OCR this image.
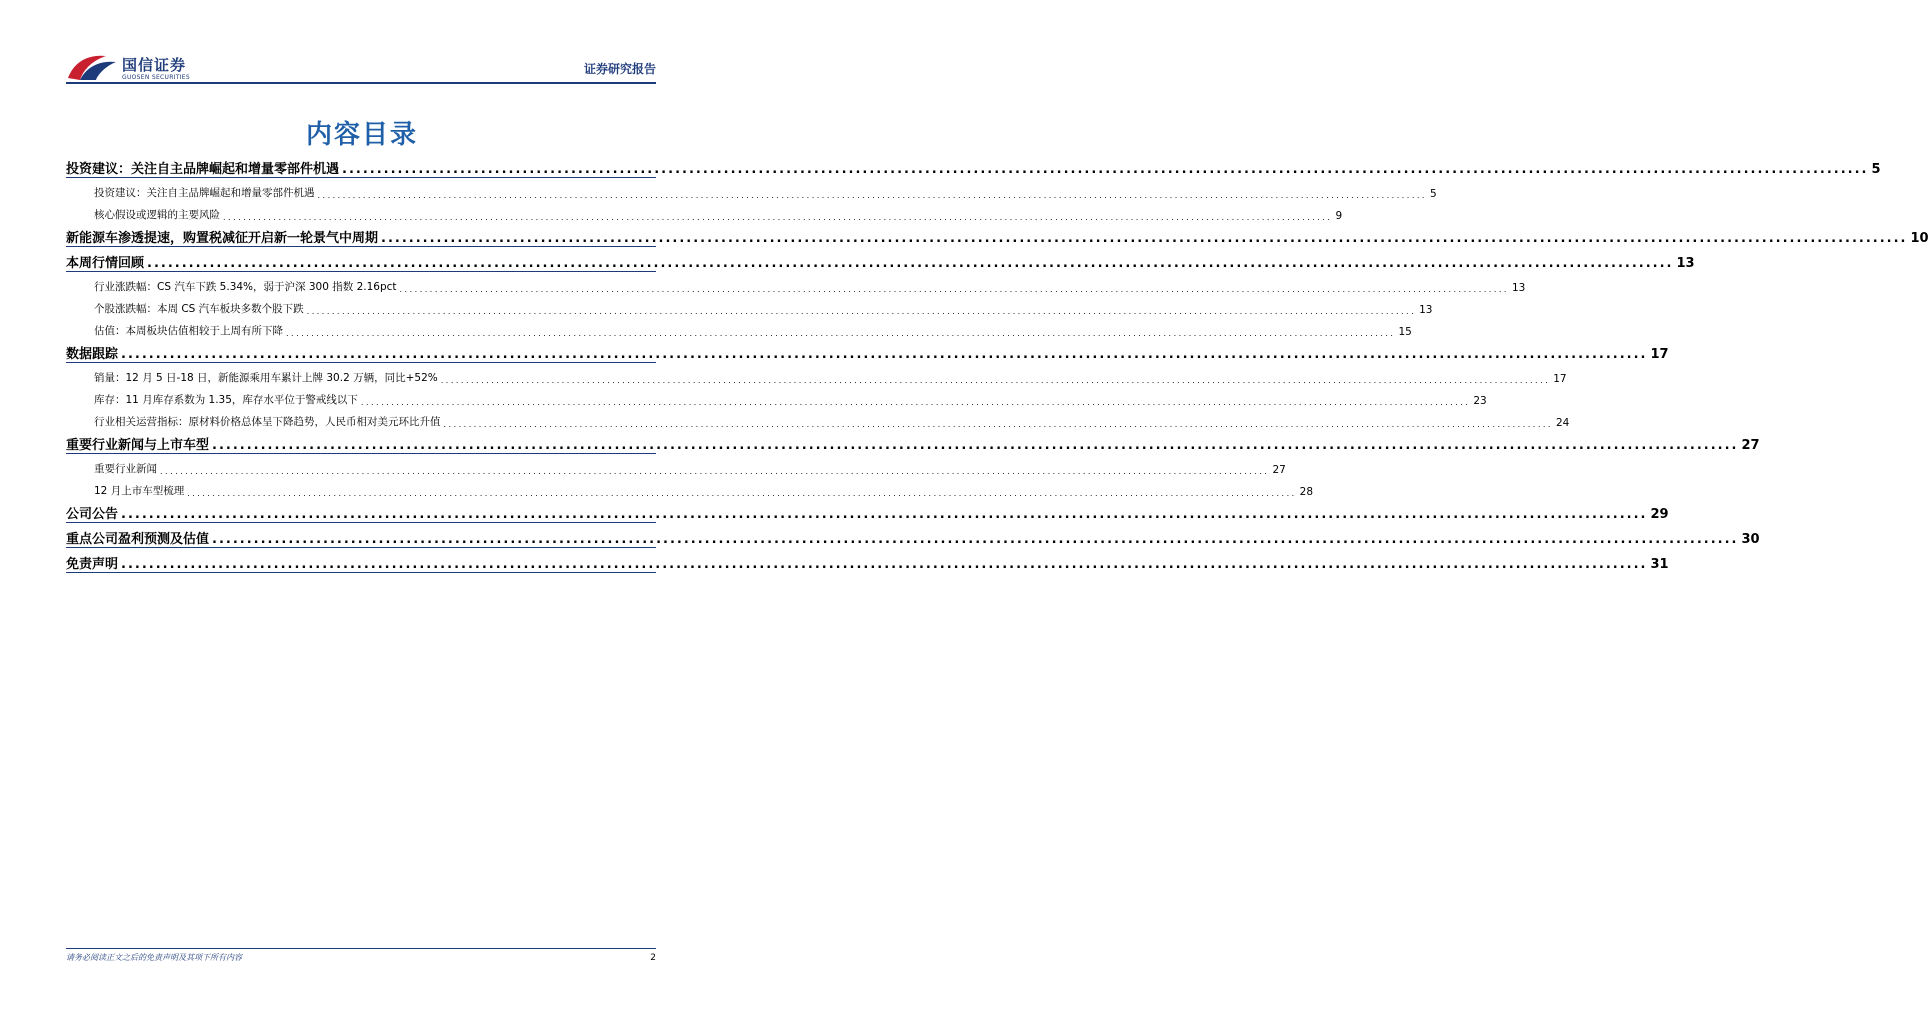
国信证券
GUOSEN SECURITIES
证券研究报告
内容目录
投资建议：关注自主品牌崛起和增量零部件机遇 ............................................................................................................................................................................................................................ 5
投资建议：关注自主品牌崛起和增量零部件机遇 ............................................................................................................................................................................................................................ 5
核心假设或逻辑的主要风险 ............................................................................................................................................................................................................................ 9
新能源车渗透提速，购置税减征开启新一轮景气中周期 ............................................................................................................................................................................................................................ 10
本周行情回顾 ............................................................................................................................................................................................................................ 13
行业涨跌幅：CS 汽车下跌 5.34%，弱于沪深 300 指数 2.16pct ............................................................................................................................................................................................................................ 13
个股涨跌幅：本周 CS 汽车板块多数个股下跌 ............................................................................................................................................................................................................................ 13
估值：本周板块估值相较于上周有所下降 ............................................................................................................................................................................................................................ 15
数据跟踪 ............................................................................................................................................................................................................................ 17
销量：12 月 5 日-18 日，新能源乘用车累计上牌 30.2 万辆，同比+52% ............................................................................................................................................................................................................................ 17
库存：11 月库存系数为 1.35，库存水平位于警戒线以下 ............................................................................................................................................................................................................................ 23
行业相关运营指标：原材料价格总体呈下降趋势，人民币相对美元环比升值 ............................................................................................................................................................................................................................ 24
重要行业新闻与上市车型 ............................................................................................................................................................................................................................ 27
重要行业新闻 ............................................................................................................................................................................................................................ 27
12 月上市车型梳理 ............................................................................................................................................................................................................................ 28
公司公告 ............................................................................................................................................................................................................................ 29
重点公司盈利预测及估值 ............................................................................................................................................................................................................................ 30
免责声明 ............................................................................................................................................................................................................................ 31
请务必阅读正文之后的免责声明及其项下所有内容	2
